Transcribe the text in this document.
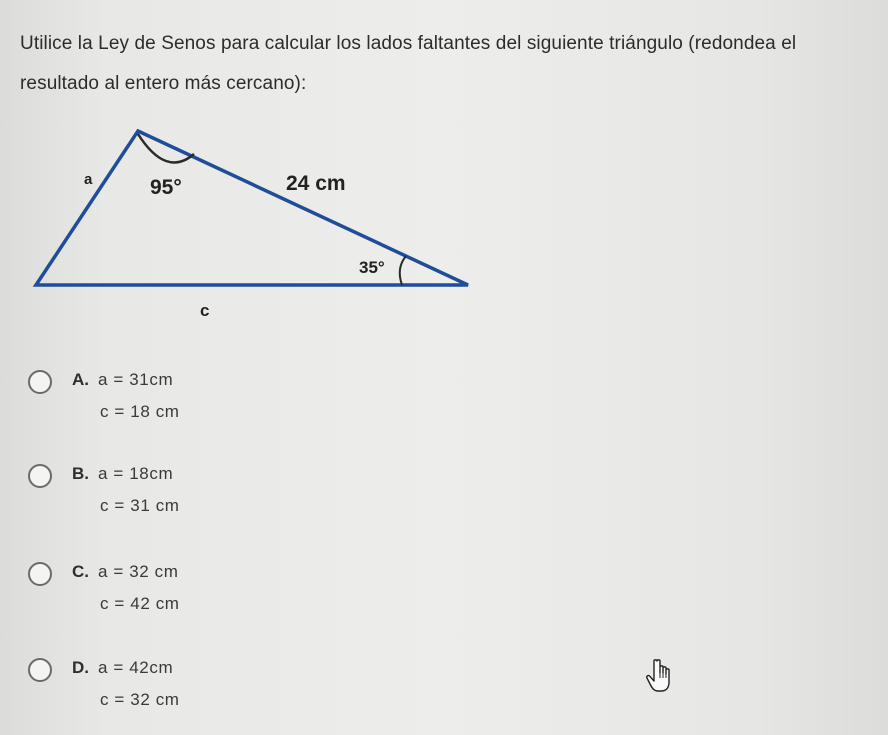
Utilice la Ley de Senos para calcular los lados faltantes del siguiente triángulo (redondea el
resultado al entero más cercano):
a	95°	24 cm
35°
c
A. a = 31cm
c = 18 cm
B. a = 18cm
c = 31 cm
C. a = 32 cm
c = 42 cm
D. a = 42cm
c = 32 cm
